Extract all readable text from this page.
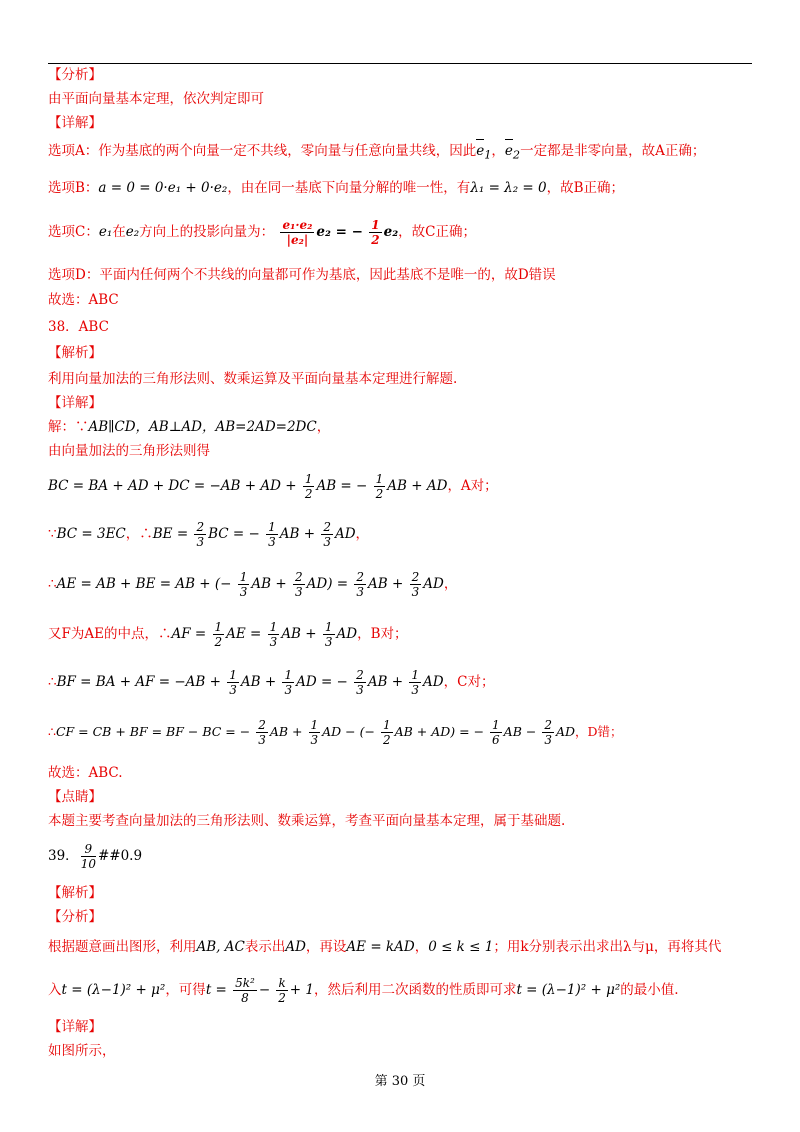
【分析】
由平面向量基本定理，依次判定即可
【详解】
选项A：作为基底的两个向量一定不共线，零向量与任意向量共线，因此$e_1$，$e_2$一定都是非零向量，故A正确；
选项B：a = 0 = 0·e₁ + 0·e₂，由在同一基底下向量分解的唯一性，有λ₁ = λ₂ = 0，故B正确；
选项C：e₁在e₂方向上的投影向量为： $\frac{\text{e₁·e₂}}{\text{|e₂|}} e_2$ = − $\frac{1}{2} e_2$，故C正确；
选项D：平面内任何两个不共线的向量都可作为基底，因此基底不是唯一的，故D错误
故选：ABC
38．ABC
【解析】
利用向量加法的三角形法则、数乘运算及平面向量基本定理进行解题.
【详解】
解：∵AB∥CD，AB⊥AD，AB=2AD=2DC，
由向量加法的三角形法则得
BC = BA + AD + DC = −AB + AD + $\frac{1}{2}$ AB = − $\frac{1}{2}$ AB + AD，A对；
∵BC = 3EC，∴BE = $\frac{2}{3}$ BC = − $\frac{1}{3}$ AB + $\frac{2}{3}$ AD，
∴AE = AB + BE = AB + (− $\frac{1}{3}$ AB + $\frac{2}{3} AD) = \frac{2}{3}$ AB + $\frac{2}{3}$ AD，
又F为AE的中点，∴AF = $\frac{1}{2}$ AE = $\frac{1}{3}$ AB + $\frac{1}{3}$ AD，B对；
∴BF = BA + AF = $-AB + \frac{1}{3}$ AB + $\frac{1}{3}$ AD = − $\frac{2}{3}$ AB + $\frac{1}{3}$ AD，C对；
∴CF = CB + BF = BF − BC = − $\frac{2}{3}$ AB + $\frac{1}{3}$ AD − (− $\frac{1}{2}$ AB + AD) = − $\frac{1}{6}$ AB − $\frac{2}{3}$ AD，D错；
故选：ABC.
【点睛】
本题主要考查向量加法的三角形法则、数乘运算，考查平面向量基本定理，属于基础题.
39． $\frac{9}{10}$ ##0.9
【解析】
【分析】
根据题意画出图形，利用AB, AC表示出AD，再设AE = kAD，0 ≤ k ≤ 1；用k分别表示出求出λ与μ，再将其代
入t = (λ−1)² + μ²，可得$t = \frac{\text{5k²}}{8} - \frac{k}{2} + 1$，然后利用二次函数的性质即可求t = (λ−1)² + μ²的最小值.
【详解】
如图所示，
第 30 页
